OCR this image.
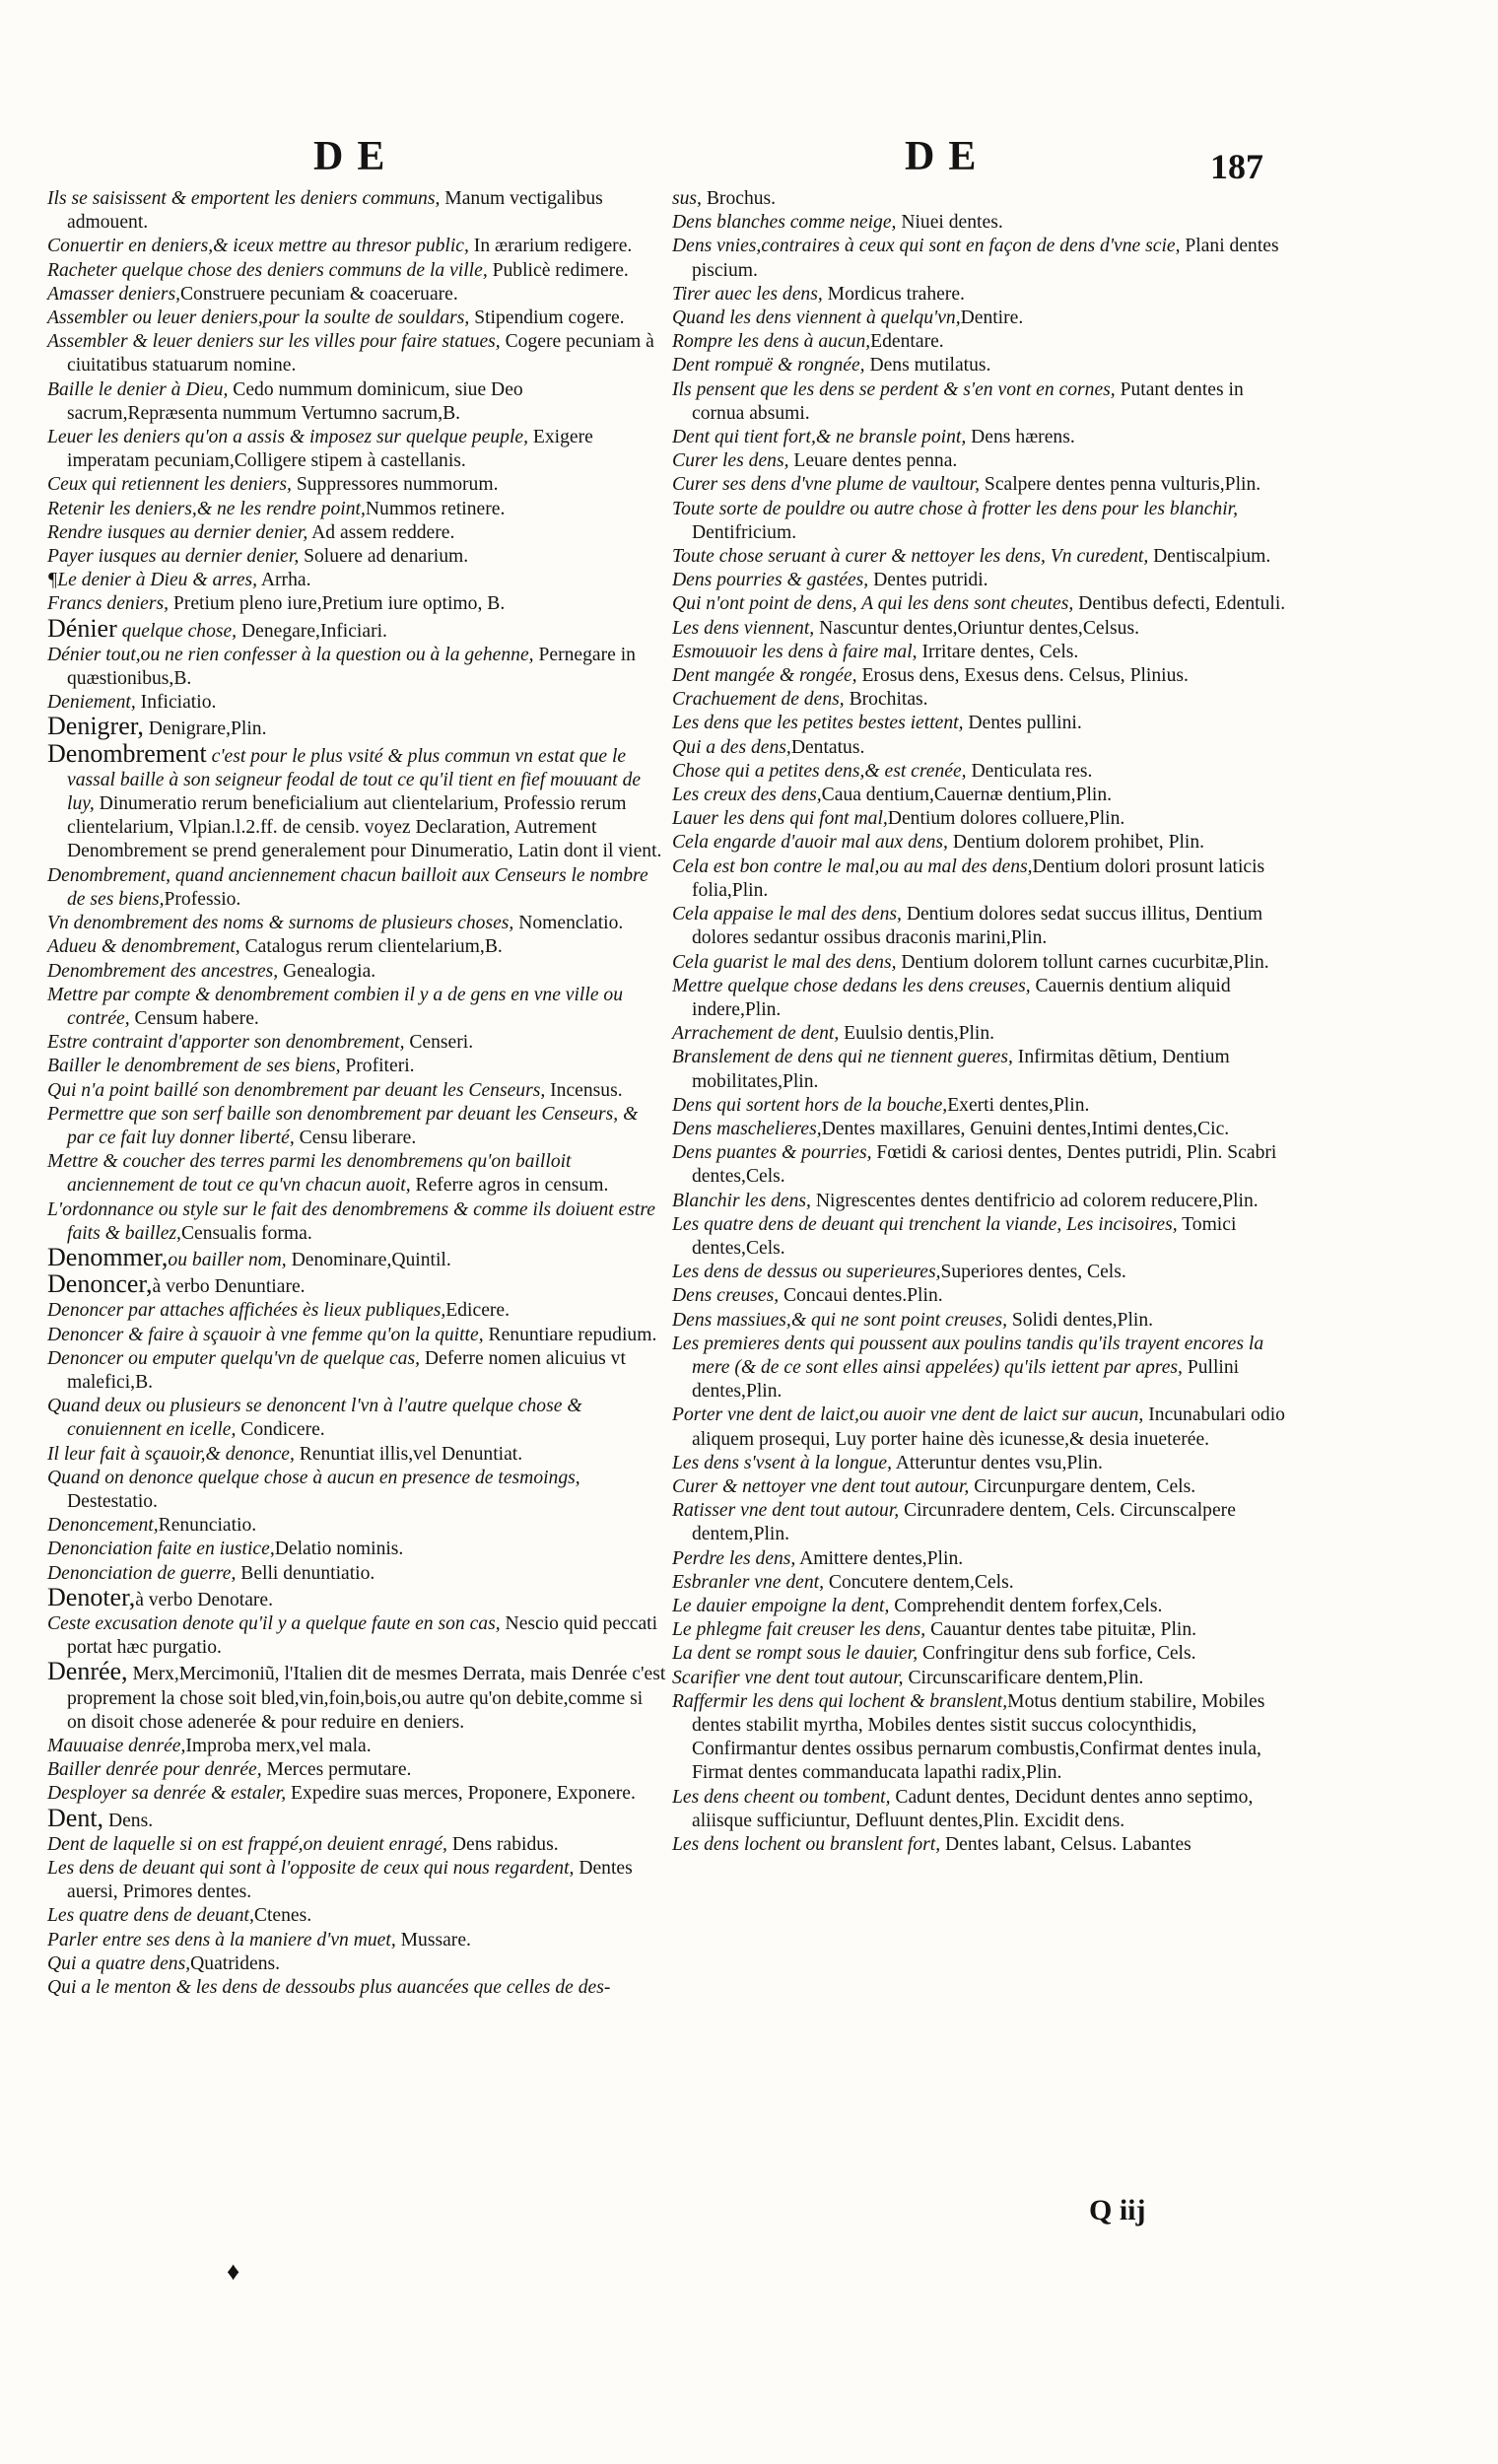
DE	DE	187

Ils se saisissent & emportent les deniers communs, Manum vectigalibus admouent.

Conuertir en deniers,& iceux mettre au thresor public, In ærarium redigere.

Racheter quelque chose des deniers communs de la ville, Publicè redimere.

Amasser deniers,Construere pecuniam & coaceruare.

Assembler ou leuer deniers,pour la soulte de souldars, Stipendium cogere.

Assembler & leuer deniers sur les villes pour faire statues, Cogere pecuniam à ciuitatibus statuarum nomine.

Baille le denier à Dieu, Cedo nummum dominicum, siue Deo sacrum,Repræsenta nummum Vertumno sacrum,B.

Leuer les deniers qu'on a assis & imposez sur quelque peuple, Exigere imperatam pecuniam,Colligere stipem à castellanis.

Ceux qui retiennent les deniers, Suppressores nummorum.

Retenir les deniers,& ne les rendre point,Nummos retinere.

Rendre iusques au dernier denier, Ad assem reddere.

Payer iusques au dernier denier, Soluere ad denarium.

¶Le denier à Dieu & arres, Arrha.

Francs deniers, Pretium pleno iure,Pretium iure optimo, B.

Dénier quelque chose, Denegare,Inficiari.

Dénier tout,ou ne rien confesser à la question ou à la gehenne, Pernegare in quæstionibus,B.

Deniement, Inficiatio.

Denigrer, Denigrare,Plin.

Denombrement c'est pour le plus vsité & plus commun vn estat que le vassal baille à son seigneur feodal de tout ce qu'il tient en fief mouuant de luy, Dinumeratio rerum beneficialium aut clientelarium, Professio rerum clientelarium, Vlpian.l.2.ff. de censib. voyez Declaration, Autrement Denombrement se prend generalement pour Dinumeratio, Latin dont il vient.

Denombrement, quand anciennement chacun bailloit aux Censeurs le nombre de ses biens,Professio.

Vn denombrement des noms & surnoms de plusieurs choses, Nomenclatio.

Adueu & denombrement, Catalogus rerum clientelarium,B.

Denombrement des ancestres, Genealogia.

Mettre par compte & denombrement combien il y a de gens en vne ville ou contrée, Censum habere.

Estre contraint d'apporter son denombrement, Censeri.

Bailler le denombrement de ses biens, Profiteri.

Qui n'a point baillé son denombrement par deuant les Censeurs, Incensus.

Permettre que son serf baille son denombrement par deuant les Censeurs, & par ce fait luy donner liberté, Censu liberare.

Mettre & coucher des terres parmi les denombremens qu'on bailloit anciennement de tout ce qu'vn chacun auoit, Referre agros in censum.

L'ordonnance ou style sur le fait des denombremens & comme ils doiuent estre faits & baillez,Censualis forma.

Denommer,ou bailler nom, Denominare,Quintil.

Denoncer,à verbo Denuntiare.

Denoncer par attaches affichées ès lieux publiques,Edicere.

Denoncer & faire à sçauoir à vne femme qu'on la quitte, Renuntiare repudium.

Denoncer ou emputer quelqu'vn de quelque cas, Deferre nomen alicuius vt malefici,B.

Quand deux ou plusieurs se denoncent l'vn à l'autre quelque chose & conuiennent en icelle, Condicere.

Il leur fait à sçauoir,& denonce, Renuntiat illis,vel Denuntiat.

Quand on denonce quelque chose à aucun en presence de tesmoings, Destestatio.

Denoncement,Renunciatio.

Denonciation faite en iustice,Delatio nominis.

Denonciation de guerre, Belli denuntiatio.

Denoter,à verbo Denotare.

Ceste excusation denote qu'il y a quelque faute en son cas, Nescio quid peccati portat hæc purgatio.

Denrée, Merx,Mercimoniũ, l'Italien dit de mesmes Derrata, mais Denrée c'est proprement la chose soit bled,vin,foin,bois,ou autre qu'on debite,comme si on disoit chose adenerée & pour reduire en deniers.

Mauuaise denrée,Improba merx,vel mala.

Bailler denrée pour denrée, Merces permutare.

Desployer sa denrée & estaler, Expedire suas merces, Proponere, Exponere.

Dent, Dens.

Dent de laquelle si on est frappé,on deuient enragé, Dens rabidus.

Les dens de deuant qui sont à l'opposite de ceux qui nous regardent, Dentes auersi, Primores dentes.

Les quatre dens de deuant,Ctenes.

Parler entre ses dens à la maniere d'vn muet, Mussare.

Qui a quatre dens,Quatridens.

Qui a le menton & les dens de dessoubs plus auancées que celles de des-

sus, Brochus.

Dens blanches comme neige, Niuei dentes.

Dens vnies,contraires à ceux qui sont en façon de dens d'vne scie, Plani dentes piscium.

Tirer auec les dens, Mordicus trahere.

Quand les dens viennent à quelqu'vn,Dentire.

Rompre les dens à aucun,Edentare.

Dent rompuë & rongnée, Dens mutilatus.

Ils pensent que les dens se perdent & s'en vont en cornes, Putant dentes in cornua absumi.

Dent qui tient fort,& ne bransle point, Dens hærens.

Curer les dens, Leuare dentes penna.

Curer ses dens d'vne plume de vaultour, Scalpere dentes penna vulturis,Plin.

Toute sorte de pouldre ou autre chose à frotter les dens pour les blanchir, Dentifricium.

Toute chose seruant à curer & nettoyer les dens, Vn curedent, Dentiscalpium.

Dens pourries & gastées, Dentes putridi.

Qui n'ont point de dens, A qui les dens sont cheutes, Dentibus defecti, Edentuli.

Les dens viennent, Nascuntur dentes,Oriuntur dentes,Celsus.

Esmouuoir les dens à faire mal, Irritare dentes, Cels.

Dent mangée & rongée, Erosus dens, Exesus dens. Celsus, Plinius.

Crachuement de dens, Brochitas.

Les dens que les petites bestes iettent, Dentes pullini.

Qui a des dens,Dentatus.

Chose qui a petites dens,& est crenée, Denticulata res.

Les creux des dens,Caua dentium,Cauernæ dentium,Plin.

Lauer les dens qui font mal,Dentium dolores colluere,Plin.

Cela engarde d'auoir mal aux dens, Dentium dolorem prohibet, Plin.

Cela est bon contre le mal,ou au mal des dens,Dentium dolori prosunt laticis folia,Plin.

Cela appaise le mal des dens, Dentium dolores sedat succus illitus, Dentium dolores sedantur ossibus draconis marini,Plin.

Cela guarist le mal des dens, Dentium dolorem tollunt carnes cucurbitæ,Plin.

Mettre quelque chose dedans les dens creuses, Cauernis dentium aliquid indere,Plin.

Arrachement de dent, Euulsio dentis,Plin.

Branslement de dens qui ne tiennent gueres, Infirmitas dẽtium, Dentium mobilitates,Plin.

Dens qui sortent hors de la bouche,Exerti dentes,Plin.

Dens maschelieres,Dentes maxillares, Genuini dentes,Intimi dentes,Cic.

Dens puantes & pourries, Fœtidi & cariosi dentes, Dentes putridi, Plin. Scabri dentes,Cels.

Blanchir les dens, Nigrescentes dentes dentifricio ad colorem reducere,Plin.

Les quatre dens de deuant qui trenchent la viande, Les incisoires, Tomici dentes,Cels.

Les dens de dessus ou superieures,Superiores dentes, Cels.

Dens creuses, Concaui dentes.Plin.

Dens massiues,& qui ne sont point creuses, Solidi dentes,Plin.

Les premieres dents qui poussent aux poulins tandis qu'ils trayent encores la mere (& de ce sont elles ainsi appelées) qu'ils iettent par apres, Pullini dentes,Plin.

Porter vne dent de laict,ou auoir vne dent de laict sur aucun, Incunabulari odio aliquem prosequi, Luy porter haine dès icunesse,& desia inueterée.

Les dens s'vsent à la longue, Atteruntur dentes vsu,Plin.

Curer & nettoyer vne dent tout autour, Circunpurgare dentem, Cels.

Ratisser vne dent tout autour, Circunradere dentem, Cels. Circunscalpere dentem,Plin.

Perdre les dens, Amittere dentes,Plin.

Esbranler vne dent, Concutere dentem,Cels.

Le dauier empoigne la dent, Comprehendit dentem forfex,Cels.

Le phlegme fait creuser les dens, Cauantur dentes tabe pituitæ, Plin.

La dent se rompt sous le dauier, Confringitur dens sub forfice, Cels.

Scarifier vne dent tout autour, Circunscarificare dentem,Plin.

Raffermir les dens qui lochent & branslent,Motus dentium stabilire, Mobiles dentes stabilit myrtha, Mobiles dentes sistit succus colocynthidis, Confirmantur dentes ossibus pernarum combustis,Confirmat dentes inula, Firmat dentes commanducata lapathi radix,Plin.

Les dens cheent ou tombent, Cadunt dentes, Decidunt dentes anno septimo, aliisque sufficiuntur, Defluunt dentes,Plin. Excidit dens.

Les dens lochent ou branslent fort, Dentes labant, Celsus. Labantes

Q iij
♦
